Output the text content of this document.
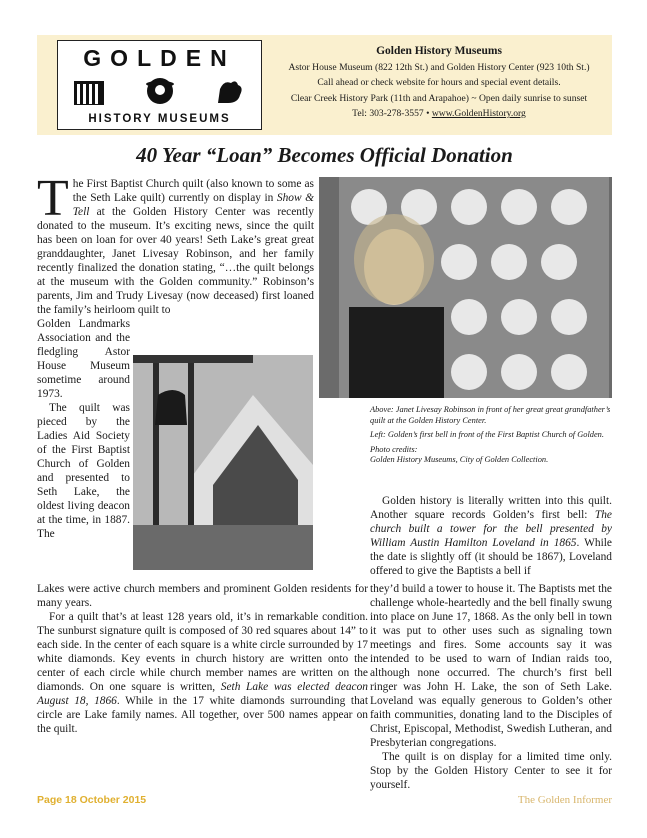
GOLDEN
HISTORY MUSEUMS
Golden History Museums
Astor House Museum (822 12th St.) and Golden History Center (923 10th St.)
Call ahead or check website for hours and special event details.
Clear Creek History Park (11th and Arapahoe) ~ Open daily sunrise to sunset
Tel: 303-278-3557 • www.GoldenHistory.org
40 Year “Loan” Becomes Official Donation

The First Baptist Church quilt (also known to some as the Seth Lake quilt) currently on display in Show & Tell at the Golden History Center was recently donated to the museum. It’s exciting news, since the quilt has been on loan for over 40 years! Seth Lake’s great great granddaughter, Janet Livesay Robinson, and her family recently finalized the donation stating, “…the quilt belongs at the museum with the Golden community.” Robinson’s parents, Jim and Trudy Livesay (now deceased) first loaned the family’s heirloom quilt to

Golden Landmarks Association and the fledgling Astor House Museum sometime around 1973.

The quilt was pieced by the Ladies Aid Society of the First Baptist Church of Golden and presented to Seth Lake, the oldest living deacon at the time, in 1887. The

Above: Janet Livesay Robinson in front of her great great grandfather’s quilt at the Golden History Center.

Left: Golden’s first bell in front of the First Baptist Church of Golden.

Photo credits:
Golden History Museums, City of Golden Collection.

Golden history is literally written into this quilt. Another square records Golden’s first bell: The church built a tower for the bell presented by William Austin Hamilton Loveland in 1865. While the date is slightly off (it should be 1867), Loveland offered to give the Baptists a bell if

Lakes were active church members and prominent Golden residents for many years.

For a quilt that’s at least 128 years old, it’s in remarkable condition. The sunburst signature quilt is composed of 30 red squares about 14” to each side. In the center of each square is a white circle surrounded by 17 white diamonds. Key events in church history are written onto the center of each circle while church member names are written on the diamonds. On one square is written, Seth Lake was elected deacon August 18, 1866. While in the 17 white diamonds surrounding that circle are Lake family names. All together, over 500 names appear on the quilt.

they’d build a tower to house it. The Baptists met the challenge whole-heartedly and the bell finally swung into place on June 17, 1868. As the only bell in town it was put to other uses such as signaling town meetings and fires. Some accounts say it was intended to be used to warn of Indian raids too, although none occurred. The church’s first bell ringer was John H. Lake, the son of Seth Lake. Loveland was equally generous to Golden’s other faith communities, donating land to the Disciples of Christ, Episcopal, Methodist, Swedish Lutheran, and Presbyterian congregations.

The quilt is on display for a limited time only. Stop by the Golden History Center to see it for yourself.

Page 18 October 2015	The Golden Informer
